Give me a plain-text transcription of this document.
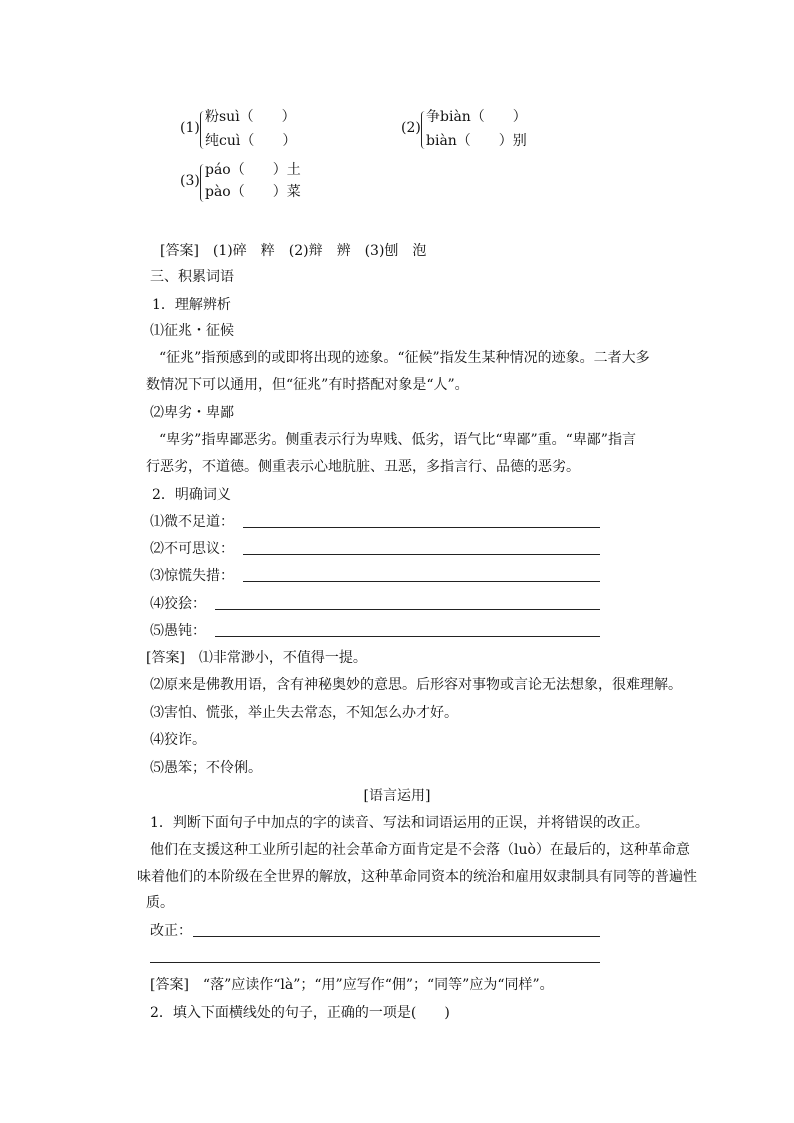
(1)
粉suì（　　）
纯cuì（　　）
(2)
争biàn（　　）
biàn（　　）别
(3)
páo（　　）土
pào（　　）菜
[答案]　(1)碎　粹　(2)辩　辨　(3)刨　泡
三、积累词语
1．理解辨析
⑴征兆・征候
“征兆”指预感到的或即将出现的迹象。“征候”指发生某种情况的迹象。二者大多
数情况下可以通用，但“征兆”有时搭配对象是“人”。
⑵卑劣・卑鄙
“卑劣”指卑鄙恶劣。侧重表示行为卑贱、低劣，语气比“卑鄙”重。“卑鄙”指言
行恶劣，不道德。侧重表示心地肮脏、丑恶，多指言行、品德的恶劣。
2．明确词义
⑴微不足道：
⑵不可思议：
⑶惊慌失措：
⑷狡狯：
⑸愚钝：
[答案]　⑴非常渺小，不值得一提。
⑵原来是佛教用语，含有神秘奥妙的意思。后形容对事物或言论无法想象，很难理解。
⑶害怕、慌张，举止失去常态，不知怎么办才好。
⑷狡诈。
⑸愚笨；不伶俐。
[语言运用]
1．判断下面句子中加点的字的读音、写法和词语运用的正误，并将错误的改正。
他们在支援这种工业所引起的社会革命方面肯定是不会落（luò）在最后的，这种革命意
味着他们的本阶级在全世界的解放，这种革命同资本的统治和雇用奴隶制具有同等的普遍性
质。
改正：
[答案]　“落”应读作“là”；“用”应写作“佣”；“同等”应为“同样”。
2．填入下面横线处的句子，正确的一项是(　　)
